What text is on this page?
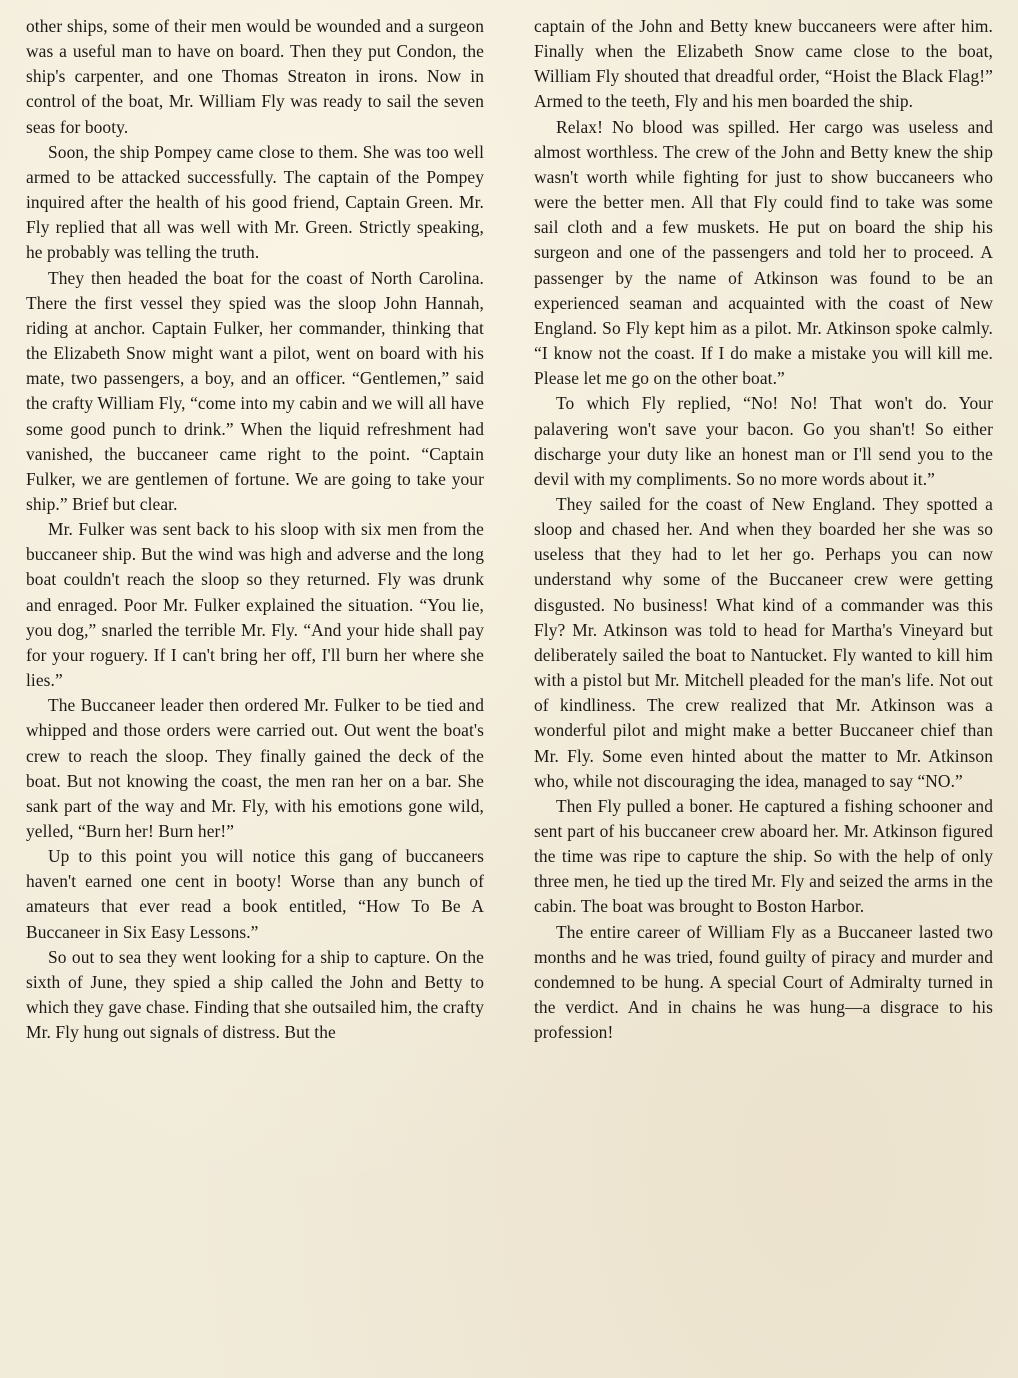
other ships, some of their men would be wounded and a surgeon was a useful man to have on board. Then they put Condon, the ship's carpenter, and one Thomas Streaton in irons. Now in control of the boat, Mr. William Fly was ready to sail the seven seas for booty.

Soon, the ship Pompey came close to them. She was too well armed to be attacked successfully. The captain of the Pompey inquired after the health of his good friend, Captain Green. Mr. Fly replied that all was well with Mr. Green. Strictly speaking, he probably was telling the truth.

They then headed the boat for the coast of North Carolina. There the first vessel they spied was the sloop John Hannah, riding at anchor. Captain Fulker, her commander, thinking that the Elizabeth Snow might want a pilot, went on board with his mate, two passengers, a boy, and an officer. “Gentlemen,” said the crafty William Fly, “come into my cabin and we will all have some good punch to drink.” When the liquid refreshment had vanished, the buccaneer came right to the point. “Captain Fulker, we are gentlemen of fortune. We are going to take your ship.” Brief but clear.

Mr. Fulker was sent back to his sloop with six men from the buccaneer ship. But the wind was high and adverse and the long boat couldn't reach the sloop so they returned. Fly was drunk and enraged. Poor Mr. Fulker explained the situation. “You lie, you dog,” snarled the terrible Mr. Fly. “And your hide shall pay for your roguery. If I can't bring her off, I'll burn her where she lies.”

The Buccaneer leader then ordered Mr. Fulker to be tied and whipped and those orders were carried out. Out went the boat's crew to reach the sloop. They finally gained the deck of the boat. But not knowing the coast, the men ran her on a bar. She sank part of the way and Mr. Fly, with his emotions gone wild, yelled, “Burn her! Burn her!”

Up to this point you will notice this gang of buccaneers haven't earned one cent in booty! Worse than any bunch of amateurs that ever read a book entitled, “How To Be A Buccaneer in Six Easy Lessons.”

So out to sea they went looking for a ship to capture. On the sixth of June, they spied a ship called the John and Betty to which they gave chase. Finding that she outsailed him, the crafty Mr. Fly hung out signals of distress. But the

captain of the John and Betty knew buccaneers were after him. Finally when the Elizabeth Snow came close to the boat, William Fly shouted that dreadful order, “Hoist the Black Flag!” Armed to the teeth, Fly and his men boarded the ship.

Relax! No blood was spilled. Her cargo was useless and almost worthless. The crew of the John and Betty knew the ship wasn't worth while fighting for just to show buccaneers who were the better men. All that Fly could find to take was some sail cloth and a few muskets. He put on board the ship his surgeon and one of the passengers and told her to proceed. A passenger by the name of Atkinson was found to be an experienced seaman and acquainted with the coast of New England. So Fly kept him as a pilot. Mr. Atkinson spoke calmly. “I know not the coast. If I do make a mistake you will kill me. Please let me go on the other boat.”

To which Fly replied, “No! No! That won't do. Your palavering won't save your bacon. Go you shan't! So either discharge your duty like an honest man or I'll send you to the devil with my compliments. So no more words about it.”

They sailed for the coast of New England. They spotted a sloop and chased her. And when they boarded her she was so useless that they had to let her go. Perhaps you can now understand why some of the Buccaneer crew were getting disgusted. No business! What kind of a commander was this Fly? Mr. Atkinson was told to head for Martha's Vineyard but deliberately sailed the boat to Nantucket. Fly wanted to kill him with a pistol but Mr. Mitchell pleaded for the man's life. Not out of kindliness. The crew realized that Mr. Atkinson was a wonderful pilot and might make a better Buccaneer chief than Mr. Fly. Some even hinted about the matter to Mr. Atkinson who, while not discouraging the idea, managed to say “NO.”

Then Fly pulled a boner. He captured a fishing schooner and sent part of his buccaneer crew aboard her. Mr. Atkinson figured the time was ripe to capture the ship. So with the help of only three men, he tied up the tired Mr. Fly and seized the arms in the cabin. The boat was brought to Boston Harbor.

The entire career of William Fly as a Buccaneer lasted two months and he was tried, found guilty of piracy and murder and condemned to be hung. A special Court of Admiralty turned in the verdict. And in chains he was hung—a disgrace to his profession!
